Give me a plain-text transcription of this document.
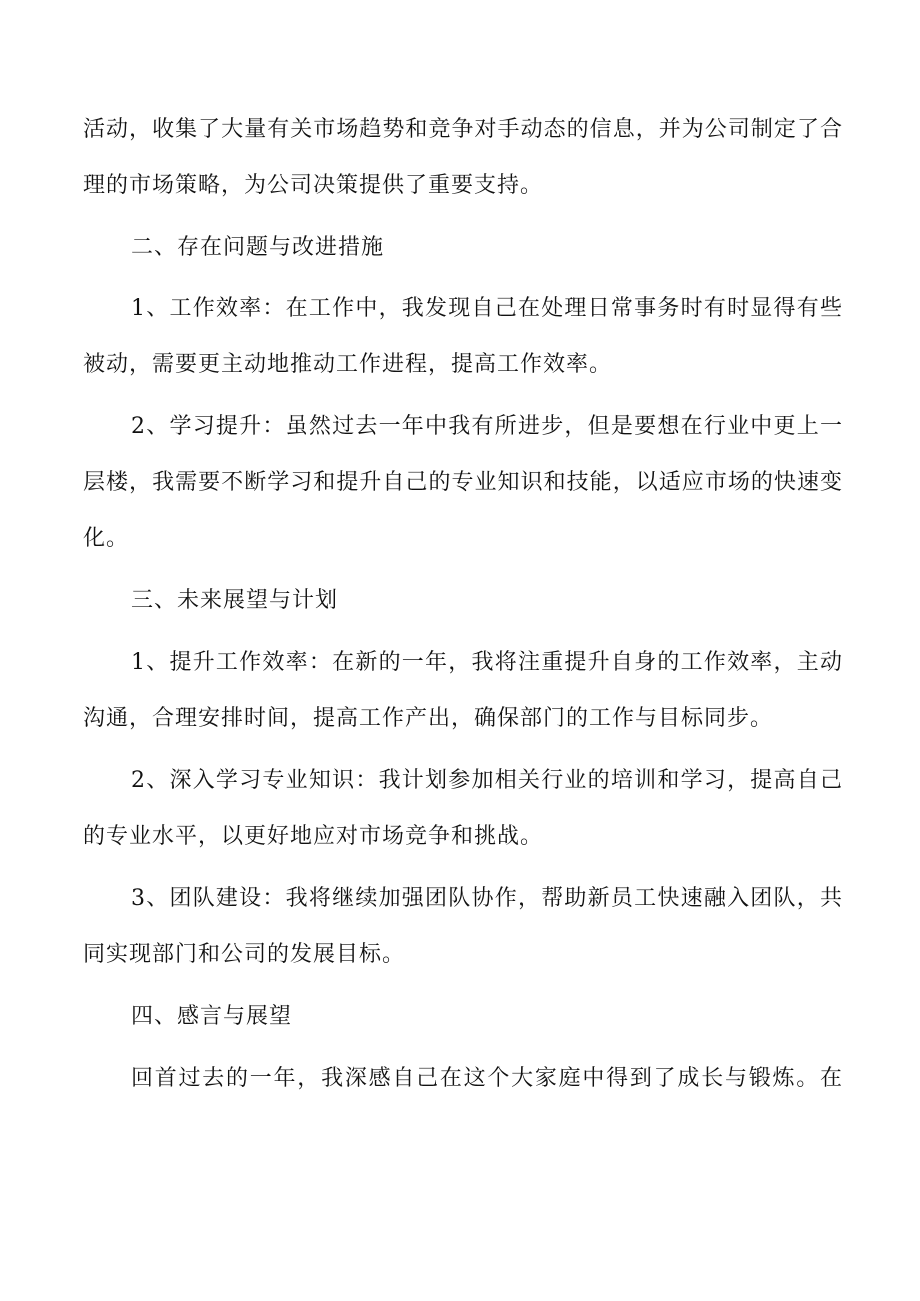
活动，收集了大量有关市场趋势和竞争对手动态的信息，并为公司制定了合
理的市场策略，为公司决策提供了重要支持。
二、存在问题与改进措施
1、工作效率：在工作中，我发现自己在处理日常事务时有时显得有些
被动，需要更主动地推动工作进程，提高工作效率。
2、学习提升：虽然过去一年中我有所进步，但是要想在行业中更上一
层楼，我需要不断学习和提升自己的专业知识和技能，以适应市场的快速变
化。
三、未来展望与计划
1、提升工作效率：在新的一年，我将注重提升自身的工作效率，主动
沟通，合理安排时间，提高工作产出，确保部门的工作与目标同步。
2、深入学习专业知识：我计划参加相关行业的培训和学习，提高自己
的专业水平，以更好地应对市场竞争和挑战。
3、团队建设：我将继续加强团队协作，帮助新员工快速融入团队，共
同实现部门和公司的发展目标。
四、感言与展望
回首过去的一年，我深感自己在这个大家庭中得到了成长与锻炼。在
